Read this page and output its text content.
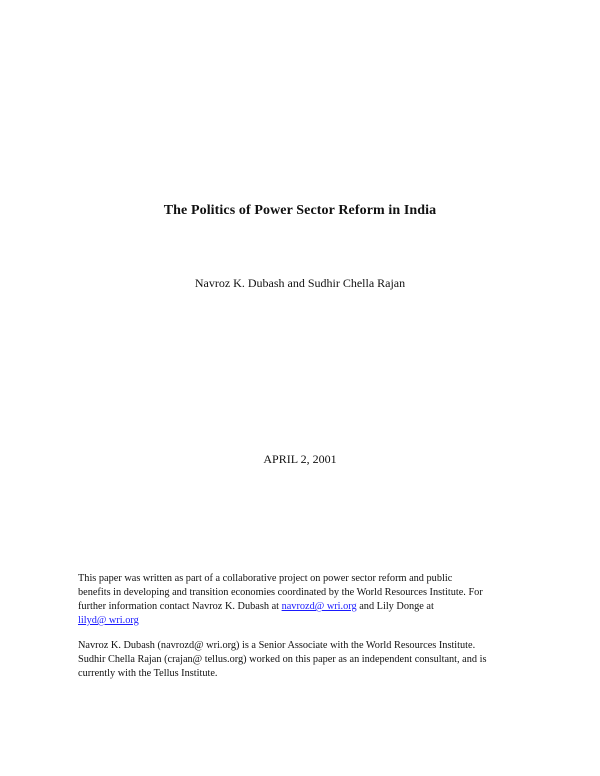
The Politics of Power Sector Reform in India
Navroz K. Dubash and Sudhir Chella Rajan
APRIL 2, 2001
This paper was written as part of a collaborative project on power sector reform and public
benefits in developing and transition economies coordinated by the World Resources Institute. For
further information contact Navroz K. Dubash at navrozd@ wri.org and Lily Donge at
lilyd@ wri.org
Navroz K. Dubash (navrozd@ wri.org) is a Senior Associate with the World Resources Institute.
Sudhir Chella Rajan (crajan@ tellus.org) worked on this paper as an independent consultant, and is
currently with the Tellus Institute.
